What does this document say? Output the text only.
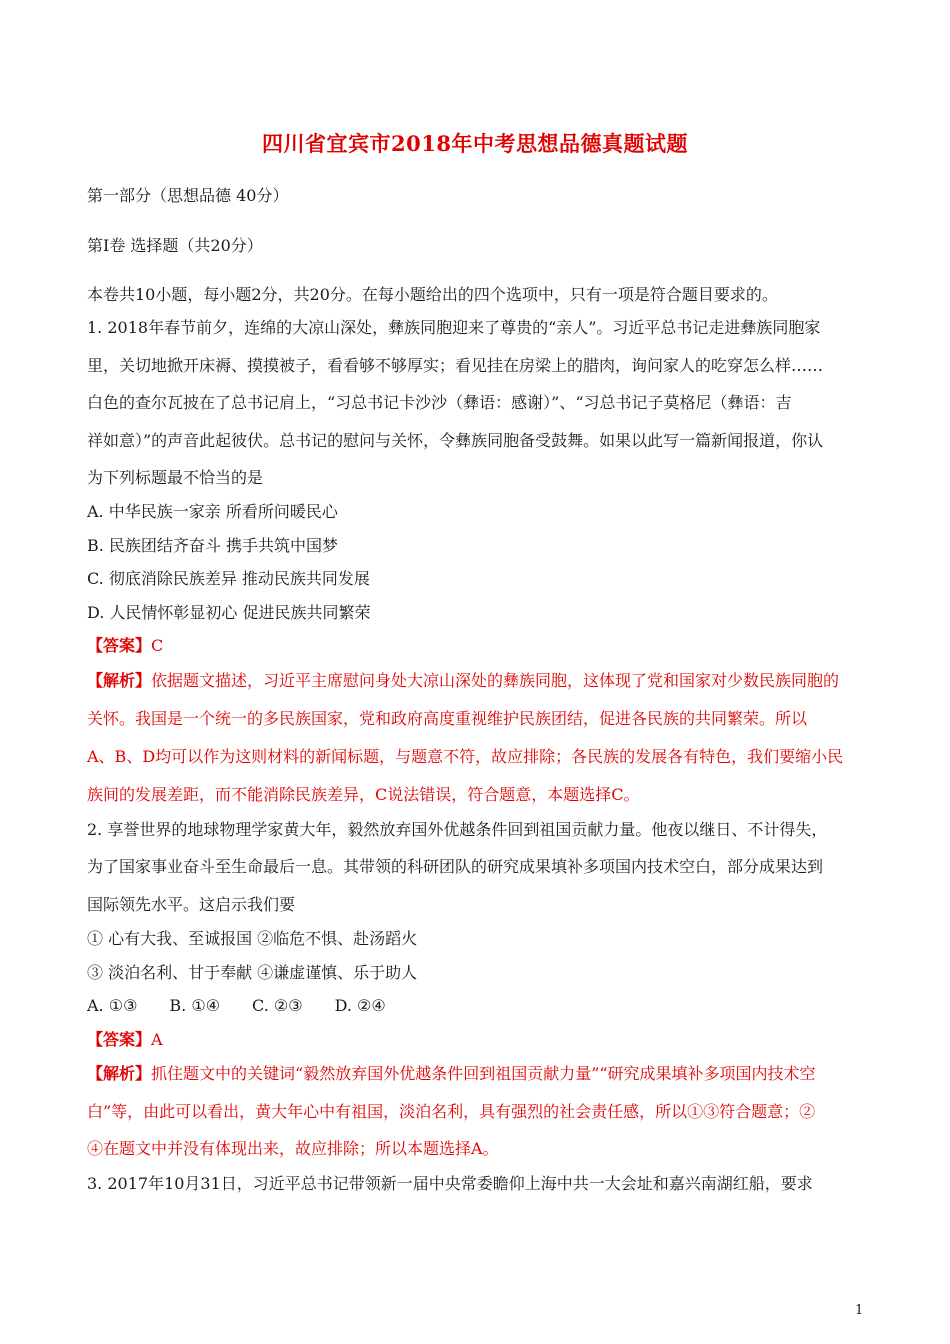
四川省宜宾市2018年中考思想品德真题试题
第一部分（思想品德 40分）
第Ⅰ卷 选择题（共20分）
本卷共10小题，每小题2分，共20分。在每小题给出的四个选项中，只有一项是符合题目要求的。
1. 2018年春节前夕，连绵的大凉山深处，彝族同胞迎来了尊贵的“亲人”。习近平总书记走进彝族同胞家
里，关切地掀开床褥、摸摸被子，看看够不够厚实；看见挂在房梁上的腊肉，询问家人的吃穿怎么样……
白色的查尔瓦披在了总书记肩上，“习总书记卡沙沙（彝语：感谢）”、“习总书记子莫格尼（彝语：吉
祥如意）”的声音此起彼伏。总书记的慰问与关怀，令彝族同胞备受鼓舞。如果以此写一篇新闻报道，你认
为下列标题最不恰当的是
A. 中华民族一家亲 所看所问暖民心
B. 民族团结齐奋斗 携手共筑中国梦
C. 彻底消除民族差异 推动民族共同发展
D. 人民情怀彰显初心 促进民族共同繁荣
【答案】C
【解析】依据题文描述，习近平主席慰问身处大凉山深处的彝族同胞，这体现了党和国家对少数民族同胞的
关怀。我国是一个统一的多民族国家，党和政府高度重视维护民族团结，促进各民族的共同繁荣。所以
A、B、D均可以作为这则材料的新闻标题，与题意不符，故应排除；各民族的发展各有特色，我们要缩小民
族间的发展差距，而不能消除民族差异，C说法错误，符合题意，本题选择C。
2. 享誉世界的地球物理学家黄大年，毅然放弃国外优越条件回到祖国贡献力量。他夜以继日、不计得失，
为了国家事业奋斗至生命最后一息。其带领的科研团队的研究成果填补多项国内技术空白，部分成果达到
国际领先水平。这启示我们要
① 心有大我、至诚报国 ②临危不惧、赴汤蹈火
③ 淡泊名利、甘于奉献 ④谦虚谨慎、乐于助人
A. ①③　　B. ①④　　C. ②③　　D. ②④
【答案】A
【解析】抓住题文中的关键词“毅然放弃国外优越条件回到祖国贡献力量”“研究成果填补多项国内技术空
白”等，由此可以看出，黄大年心中有祖国，淡泊名利，具有强烈的社会责任感，所以①③符合题意；②
④在题文中并没有体现出来，故应排除；所以本题选择A。
3. 2017年10月31日，习近平总书记带领新一届中央常委瞻仰上海中共一大会址和嘉兴南湖红船，要求
1
